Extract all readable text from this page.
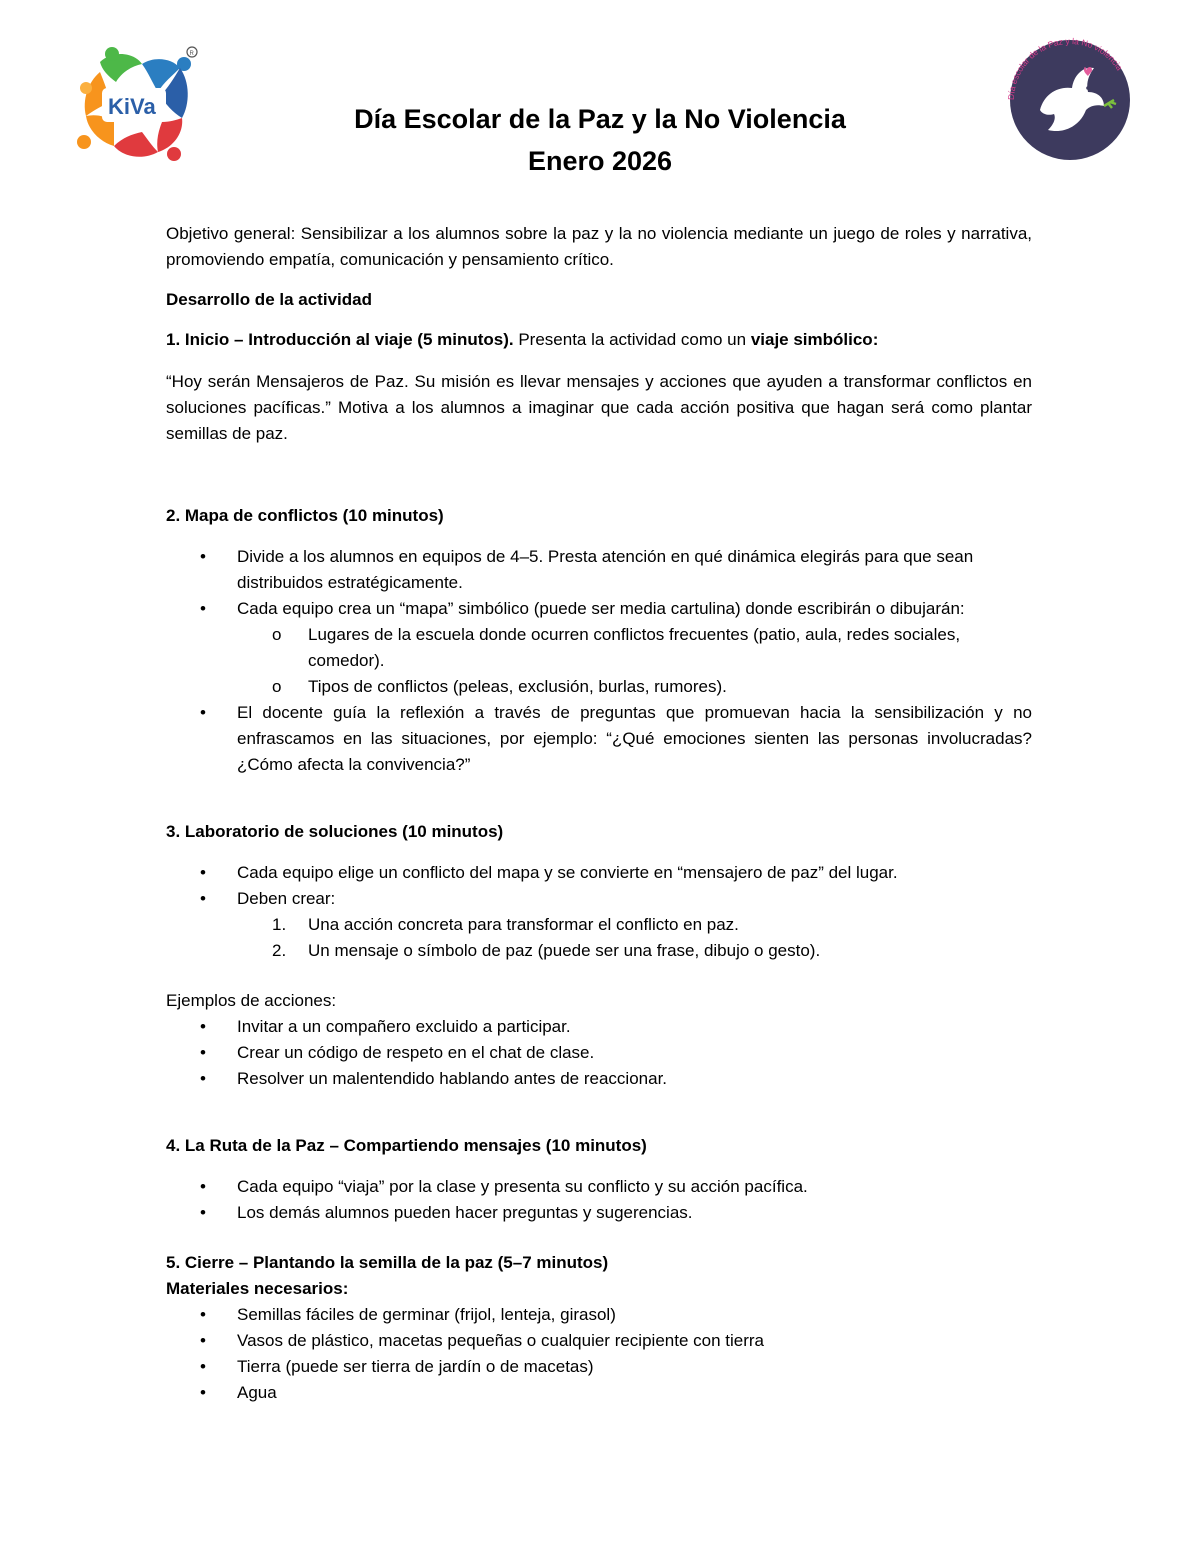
R
KiVa	Día escolar de la Paz y la No violencia

Día Escolar de la Paz y la No Violencia

Enero 2026

Objetivo general: Sensibilizar a los alumnos sobre la paz y la no violencia mediante un juego de roles y narrativa, promoviendo empatía, comunicación y pensamiento crítico.

Desarrollo de la actividad

1. Inicio – Introducción al viaje (5 minutos). Presenta la actividad como un viaje simbólico:

“Hoy serán Mensajeros de Paz. Su misión es llevar mensajes y acciones que ayuden a transformar conflictos en soluciones pacíficas.” Motiva a los alumnos a imaginar que cada acción positiva que hagan será como plantar semillas de paz.

2. Mapa de conflictos (10 minutos)

• Divide a los alumnos en equipos de 4–5. Presta atención en qué dinámica elegirás para que sean distribuidos estratégicamente.
• Cada equipo crea un “mapa” simbólico (puede ser media cartulina) donde escribirán o dibujarán:
o Lugares de la escuela donde ocurren conflictos frecuentes (patio, aula, redes sociales, comedor).
o Tipos de conflictos (peleas, exclusión, burlas, rumores).
• El docente guía la reflexión a través de preguntas que promuevan hacia la sensibilización y no enfrascamos en las situaciones, por ejemplo: “¿Qué emociones sienten las personas involucradas? ¿Cómo afecta la convivencia?”

3. Laboratorio de soluciones (10 minutos)

• Cada equipo elige un conflicto del mapa y se convierte en “mensajero de paz” del lugar.
• Deben crear:
1. Una acción concreta para transformar el conflicto en paz.
2. Un mensaje o símbolo de paz (puede ser una frase, dibujo o gesto).

Ejemplos de acciones:

• Invitar a un compañero excluido a participar.
• Crear un código de respeto en el chat de clase.
• Resolver un malentendido hablando antes de reaccionar.

4. La Ruta de la Paz – Compartiendo mensajes (10 minutos)

• Cada equipo “viaja” por la clase y presenta su conflicto y su acción pacífica.
• Los demás alumnos pueden hacer preguntas y sugerencias.

5. Cierre – Plantando la semilla de la paz (5–7 minutos)

Materiales necesarios:

• Semillas fáciles de germinar (frijol, lenteja, girasol)
• Vasos de plástico, macetas pequeñas o cualquier recipiente con tierra
• Tierra (puede ser tierra de jardín o de macetas)
• Agua
